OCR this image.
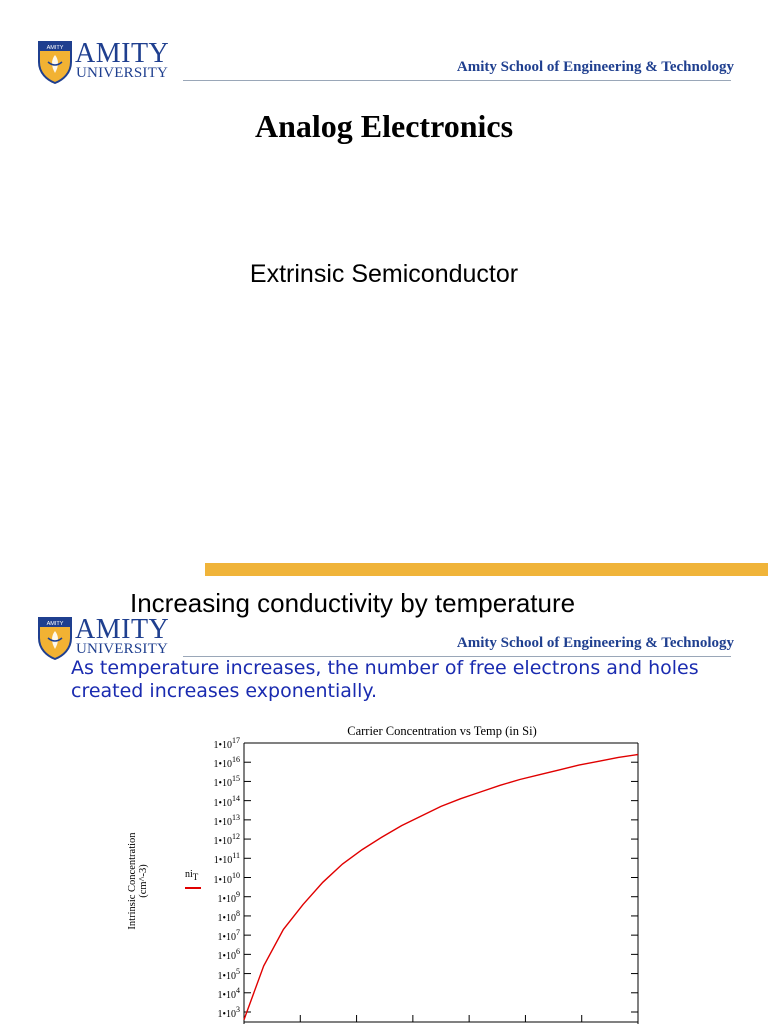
AMITY AMITY
UNIVERSITY	Amity School of Engineering & Technology
Analog Electronics
Extrinsic Semiconductor
Increasing conductivity by temperature
AMITY AMITY
UNIVERSITY	Amity School of Engineering & Technology
As temperature increases, the number of free electrons and holes created increases exponentially.
Carrier Concentration vs Temp (in Si)
Intrinsic Concentration (cm^-3)	$ni_T$
$1•10^{17}$
$1•10^{16}$
$1•10^{15}$
$1•10^{14}$
$1•10^{13}$
$1•10^{12}$
$1•10^{11}$
$1•10^{10}$
$1•10^9$
$1•10^8$
$1•10^7$
$1•10^6$
$1•10^5$
$1•10^4$
$1•10^3$
